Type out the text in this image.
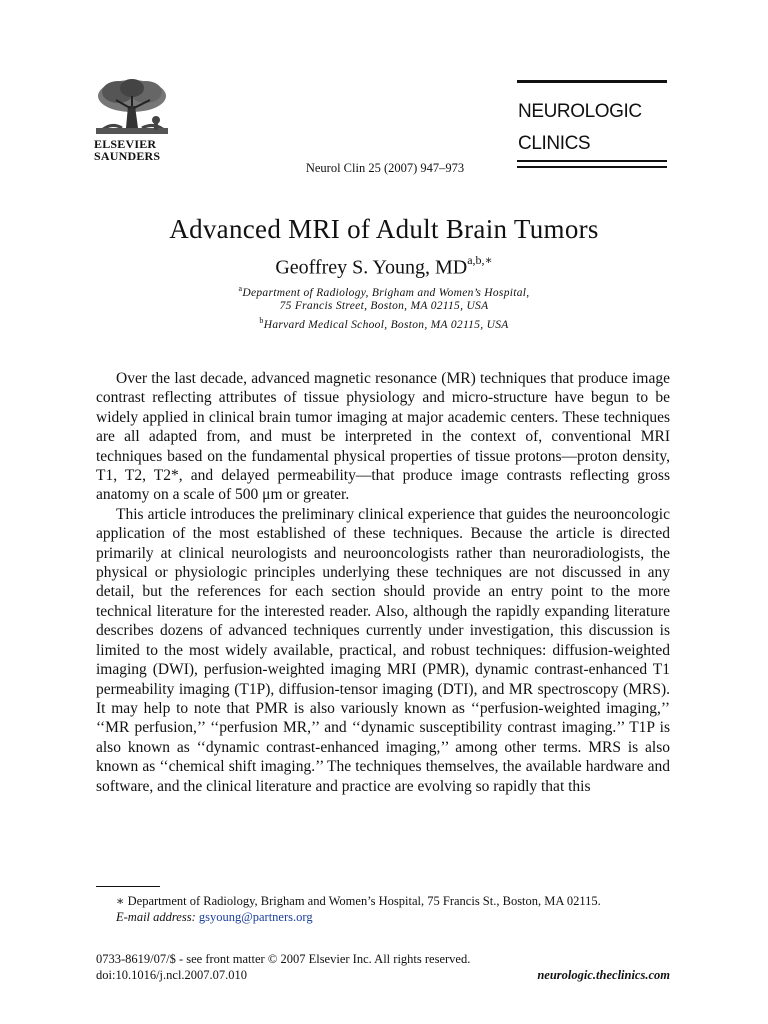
ELSEVIER
SAUNDERS
Neurol Clin 25 (2007) 947–973
NEUROLOGIC
CLINICS
Advanced MRI of Adult Brain Tumors
Geoffrey S. Young, $MD^{a,b,∗}$
$^a$Department of Radiology, Brigham and Women’s Hospital,
75 Francis Street, Boston, MA 02115, USA
$^b$Harvard Medical School, Boston, MA 02115, USA

Over the last decade, advanced magnetic resonance (MR) techniques that produce image contrast reflecting attributes of tissue physiology and micro-structure have begun to be widely applied in clinical brain tumor imaging at major academic centers. These techniques are all adapted from, and must be interpreted in the context of, conventional MRI techniques based on the fundamental physical properties of tissue protons—proton density, T1, T2, T2*, and delayed permeability—that produce image contrasts reflecting gross anatomy on a scale of 500 μm or greater.

This article introduces the preliminary clinical experience that guides the neurooncologic application of the most established of these techniques. Because the article is directed primarily at clinical neurologists and neurooncologists rather than neuroradiologists, the physical or physiologic principles underlying these techniques are not discussed in any detail, but the references for each section should provide an entry point to the more technical literature for the interested reader. Also, although the rapidly expanding literature describes dozens of advanced techniques currently under investigation, this discussion is limited to the most widely available, practical, and robust techniques: diffusion-weighted imaging (DWI), perfusion-weighted imaging MRI (PMR), dynamic contrast-enhanced T1 permeability imaging (T1P), diffusion-tensor imaging (DTI), and MR spectroscopy (MRS). It may help to note that PMR is also variously known as ‘‘perfusion-weighted imaging,’’ ‘‘MR perfusion,’’ ‘‘perfusion MR,’’ and ‘‘dynamic susceptibility contrast imaging.’’ T1P is also known as ‘‘dynamic contrast-enhanced imaging,’’ among other terms. MRS is also known as ‘‘chemical shift imaging.’’ The techniques themselves, the available hardware and software, and the clinical literature and practice are evolving so rapidly that this

∗ Department of Radiology, Brigham and Women’s Hospital, 75 Francis St., Boston, MA 02115.
E-mail address: gsyoung@partners.org
0733-8619/07/$ - see front matter © 2007 Elsevier Inc. All rights reserved.
doi:10.1016/j.ncl.2007.07.010	neurologic.theclinics.com
